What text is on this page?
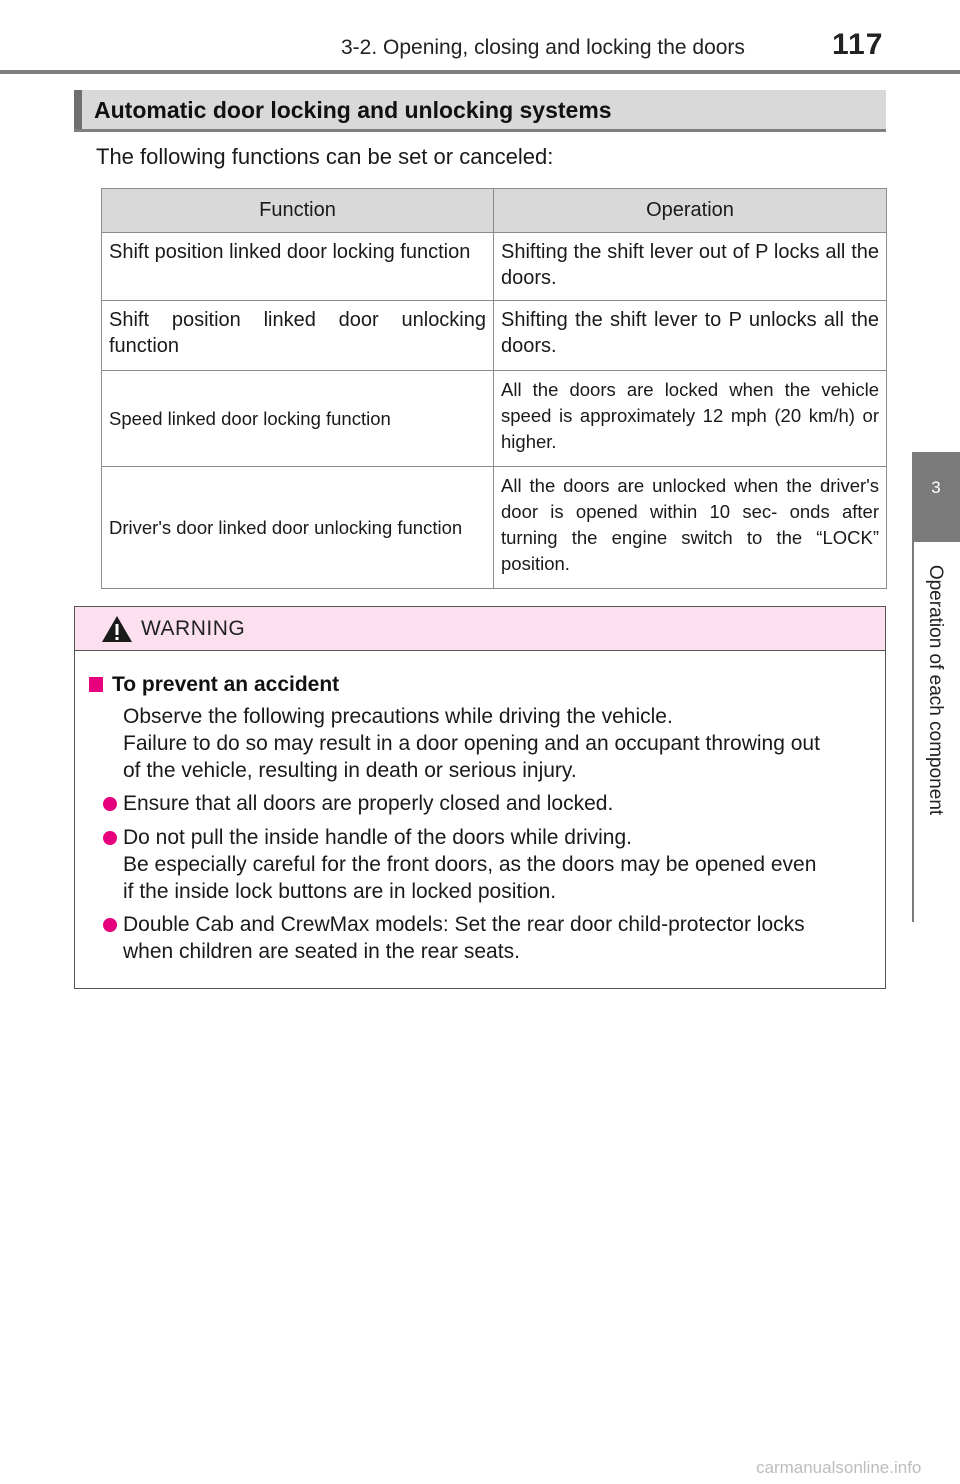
3-2. Opening, closing and locking the doors	117
3
Operation of each component
Automatic door locking and unlocking systems
The following functions can be set or canceled:
Function	Operation
Shift position linked door locking function	Shifting the shift lever out of P locks all the doors.
Shift position linked door unlocking function	Shifting the shift lever to P unlocks all the doors.
Speed linked door locking function	All the doors are locked when the vehicle speed is approximately 12 mph (20 km/h) or higher.
Driver's door linked door unlocking function	All the doors are unlocked when the driver's door is opened within 10 sec- onds after turning the engine switch to the “LOCK” position.
WARNING
To prevent an accident
Observe the following precautions while driving the vehicle.
Failure to do so may result in a door opening and an occupant throwing out
of the vehicle, resulting in death or serious injury.
Ensure that all doors are properly closed and locked.
Do not pull the inside handle of the doors while driving.
Be especially careful for the front doors, as the doors may be opened even
if the inside lock buttons are in locked position.
Double Cab and CrewMax models: Set the rear door child-protector locks
when children are seated in the rear seats.
carmanualsonline.info
